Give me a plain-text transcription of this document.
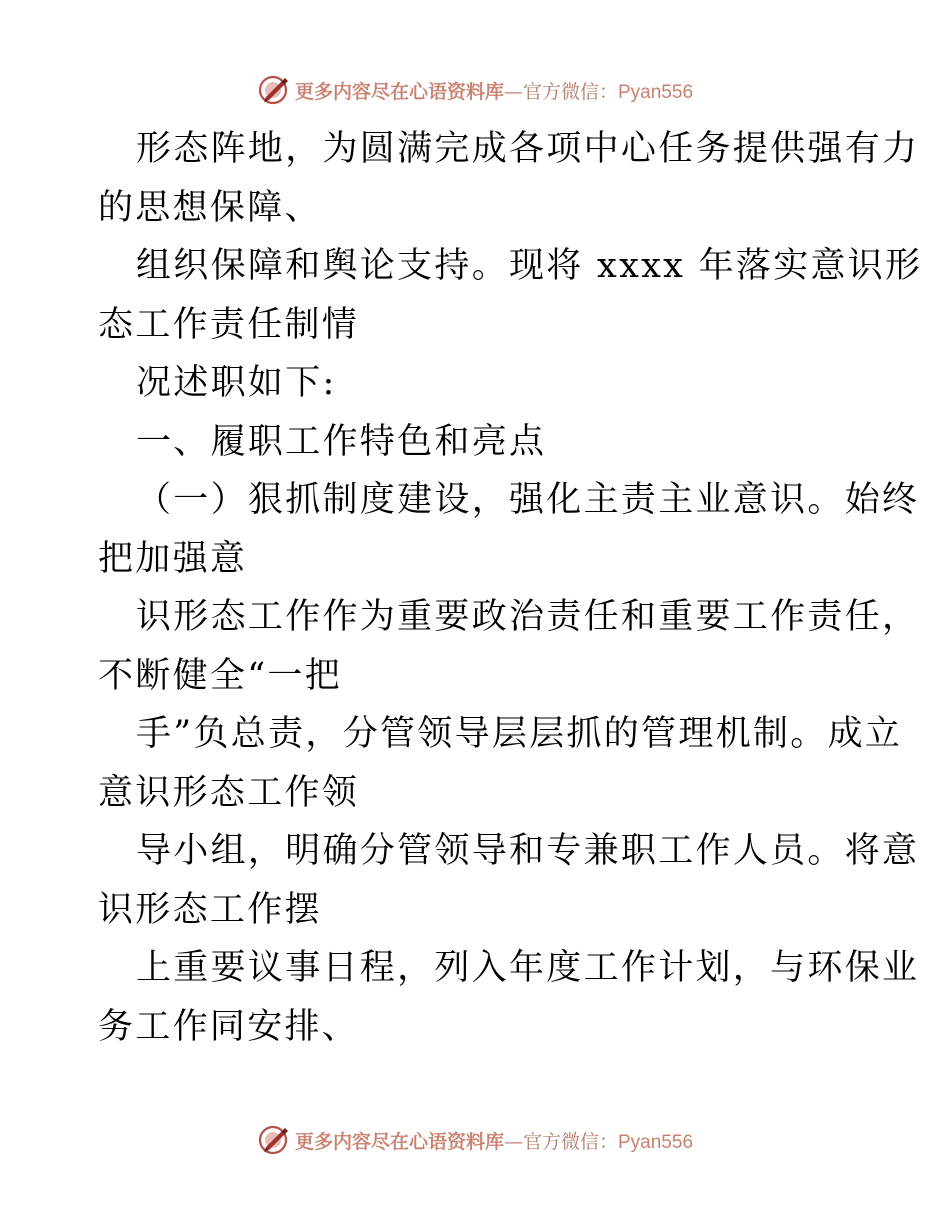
更多内容尽在心语资料库—官方微信：Pyan556
形态阵地，为圆满完成各项中心任务提供强有力
的思想保障、
组织保障和舆论支持。现将 xxxx 年落实意识形
态工作责任制情
况述职如下:
一、履职工作特色和亮点
（一）狠抓制度建设，强化主责主业意识。始终
把加强意
识形态工作作为重要政治责任和重要工作责任，
不断健全“一把
手”负总责，分管领导层层抓的管理机制。成立
意识形态工作领
导小组，明确分管领导和专兼职工作人员。将意
识形态工作摆
上重要议事日程，列入年度工作计划，与环保业
务工作同安排、
更多内容尽在心语资料库—官方微信：Pyan556
